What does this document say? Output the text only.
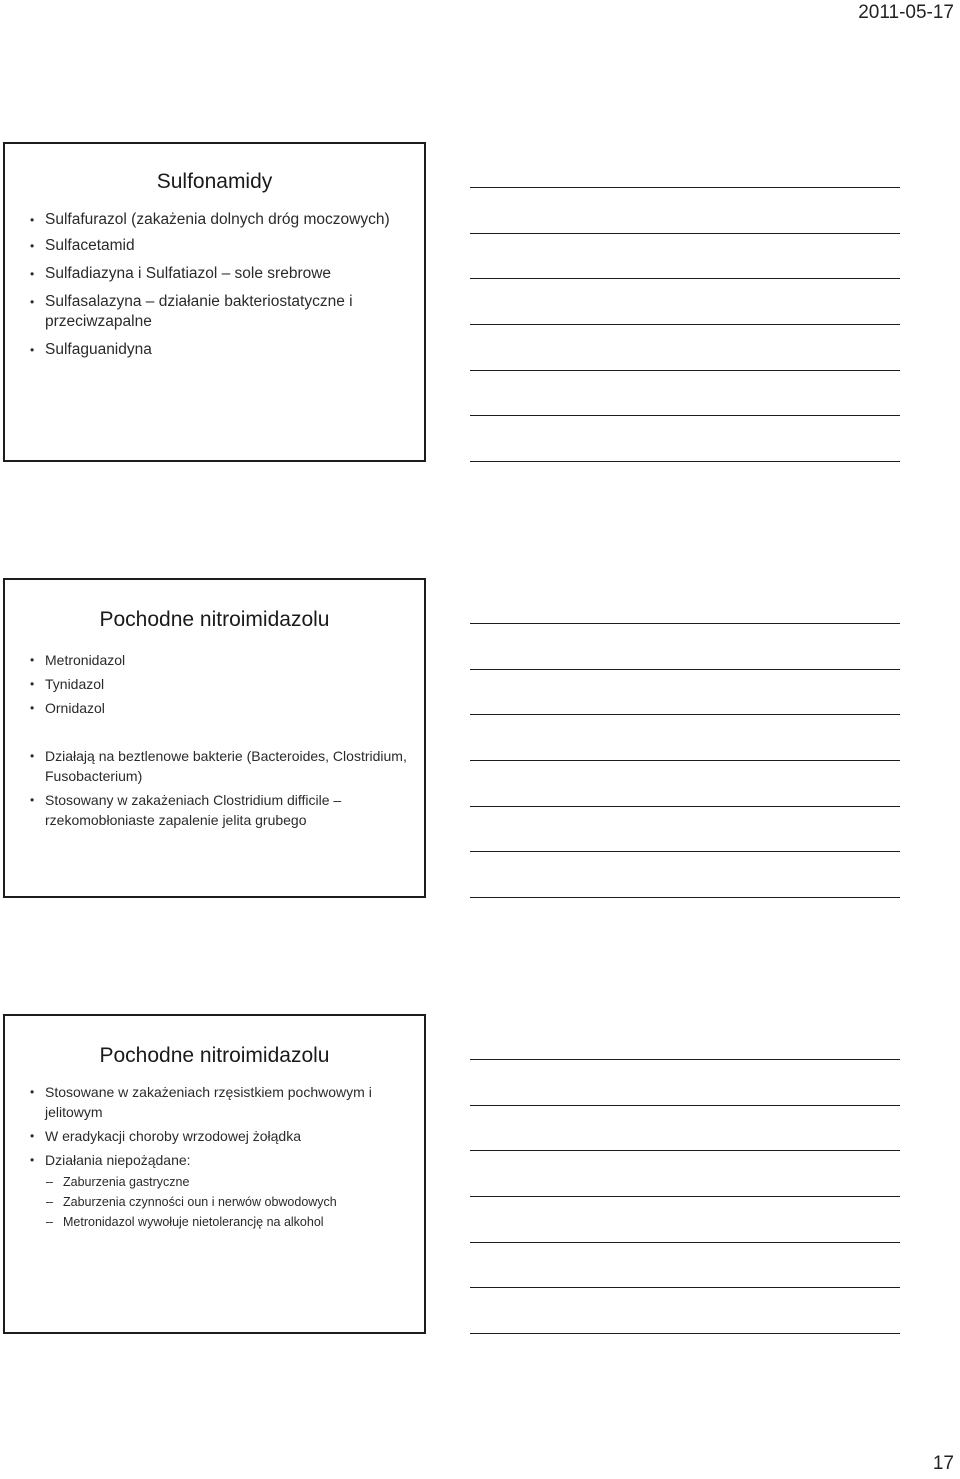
2011-05-17
Sulfonamidy
• Sulfafurazol (zakażenia dolnych dróg moczowych)
• Sulfacetamid
• Sulfadiazyna i Sulfatiazol – sole srebrowe
• Sulfasalazyna – działanie bakteriostatyczne i przeciwzapalne
• Sulfaguanidyna
Pochodne nitroimidazolu
• Metronidazol
• Tynidazol
• Ornidazol
• Działają na beztlenowe bakterie (Bacteroides, Clostridium, Fusobacterium)
• Stosowany w zakażeniach Clostridium difficile – rzekomobłoniaste zapalenie jelita grubego
Pochodne nitroimidazolu
• Stosowane w zakażeniach rzęsistkiem pochwowym i jelitowym
• W eradykacji choroby wrzodowej żołądka
• Działania niepożądane:
– Zaburzenia gastryczne
– Zaburzenia czynności oun i nerwów obwodowych
– Metronidazol wywołuje nietolerancję na alkohol
17
